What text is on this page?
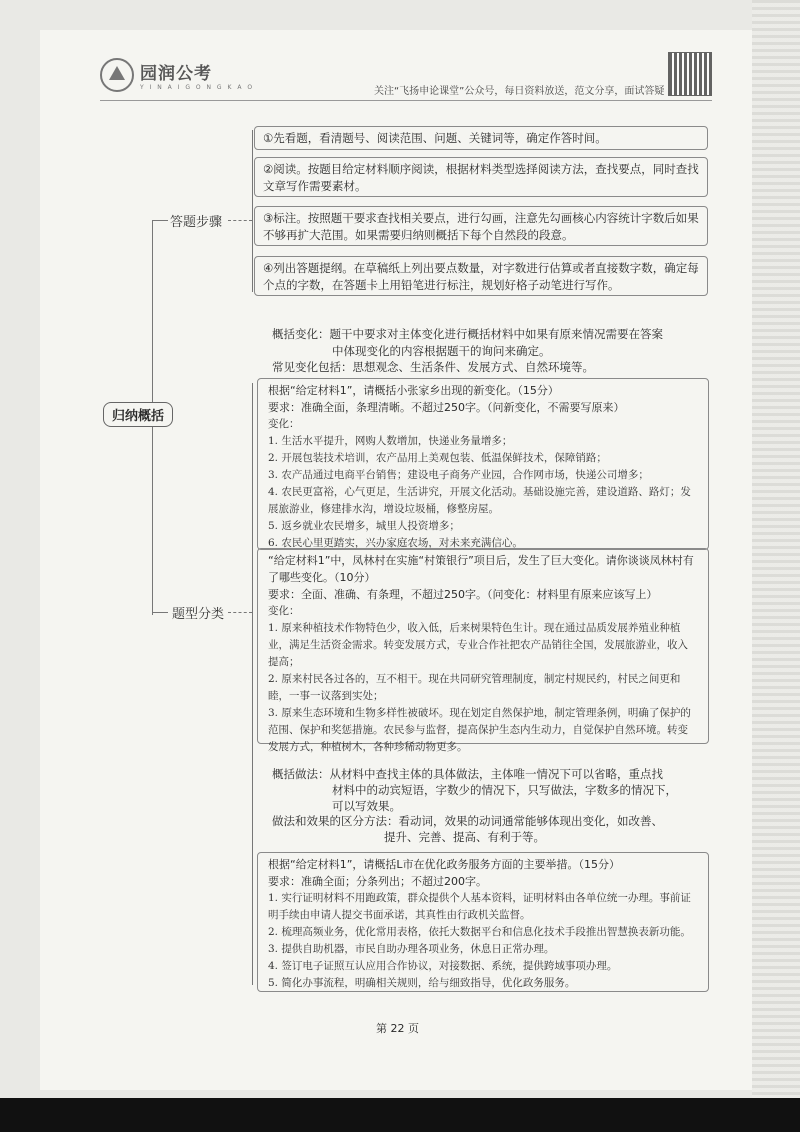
园润公考
Y I N A I G O N G K A O	关注“飞扬申论课堂”公众号，每日资料放送，范文分享，面试答疑
答题步骤
归纳概括
题型分类

①先看题，看清题号、阅读范围、问题、关键词等，确定作答时间。

②阅读。按题目给定材料顺序阅读，根据材料类型选择阅读方法，查找要点，同时查找文章写作需要素材。

③标注。按照题干要求查找相关要点，进行勾画，注意先勾画核心内容统计字数后如果不够再扩大范围。如果需要归纳则概括下每个自然段的段意。

④列出答题提纲。在草稿纸上列出要点数量，对字数进行估算或者直接数字数，确定每个点的字数，在答题卡上用铅笔进行标注，规划好格子动笔进行写作。

概括变化：题干中要求对主体变化进行概括材料中如果有原来情况需要在答案
中体现变化的内容根据题干的询问来确定。
常见变化包括：思想观念、生活条件、发展方式、自然环境等。

根据“给定材料1”，请概括小张家乡出现的新变化。（15分）

要求：准确全面，条理清晰。不超过250字。（问新变化，不需要写原来）

变化：

1. 生活水平提升，网购人数增加，快递业务量增多；

2. 开展包装技术培训，农产品用上美观包装、低温保鲜技术，保障销路；

3. 农产品通过电商平台销售；建设电子商务产业园，合作网市场，快递公司增多；

4. 农民更富裕，心气更足，生活讲究，开展文化活动。基础设施完善，建设道路、路灯；发展旅游业，修建排水沟，增设垃圾桶，修整房屋。

5. 返乡就业农民增多，城里人投资增多；

6. 农民心里更踏实，兴办家庭农场，对未来充满信心。

“给定材料1”中，凤林村在实施“村策银行”项目后，发生了巨大变化。请你谈谈凤林村有了哪些变化。（10分）

要求：全面、准确、有条理，不超过250字。（问变化：材料里有原来应该写上）

变化：

1. 原来种植技术作物特色少，收入低，后来树果特色生计。现在通过品质发展养殖业种植业，满足生活资金需求。转变发展方式，专业合作社把农产品销往全国，发展旅游业，收入提高；

2. 原来村民各过各的，互不相干。现在共同研究管理制度，制定村规民约，村民之间更和睦，一事一议落到实处；

3. 原来生态环境和生物多样性被破坏。现在划定自然保护地，制定管理条例，明确了保护的范围、保护和奖惩措施。农民参与监督，提高保护生态内生动力，自觉保护自然环境。转变发展方式，种植树木，各种珍稀动物更多。

概括做法：从材料中查找主体的具体做法，主体唯一情况下可以省略，重点找
材料中的动宾短语，字数少的情况下，只写做法，字数多的情况下，
可以写效果。
做法和效果的区分方法：看动词，效果的动词通常能够体现出变化，如改善、
提升、完善、提高、有利于等。

根据“给定材料1”，请概括L市在优化政务服务方面的主要举措。（15分）

要求：准确全面；分条列出；不超过200字。

1. 实行证明材料不用跑政策，群众提供个人基本资料，证明材料由各单位统一办理。事前证明手续由申请人提交书面承诺，其真性由行政机关监督。

2. 梳理高频业务，优化常用表格，依托大数据平台和信息化技术手段推出智慧换表新功能。

3. 提供自助机器，市民自助办理各项业务，休息日正常办理。

4. 签订电子证照互认应用合作协议，对接数据、系统，提供跨域事项办理。

5. 简化办事流程，明确相关规则，给与细致指导，优化政务服务。

第 22 页
